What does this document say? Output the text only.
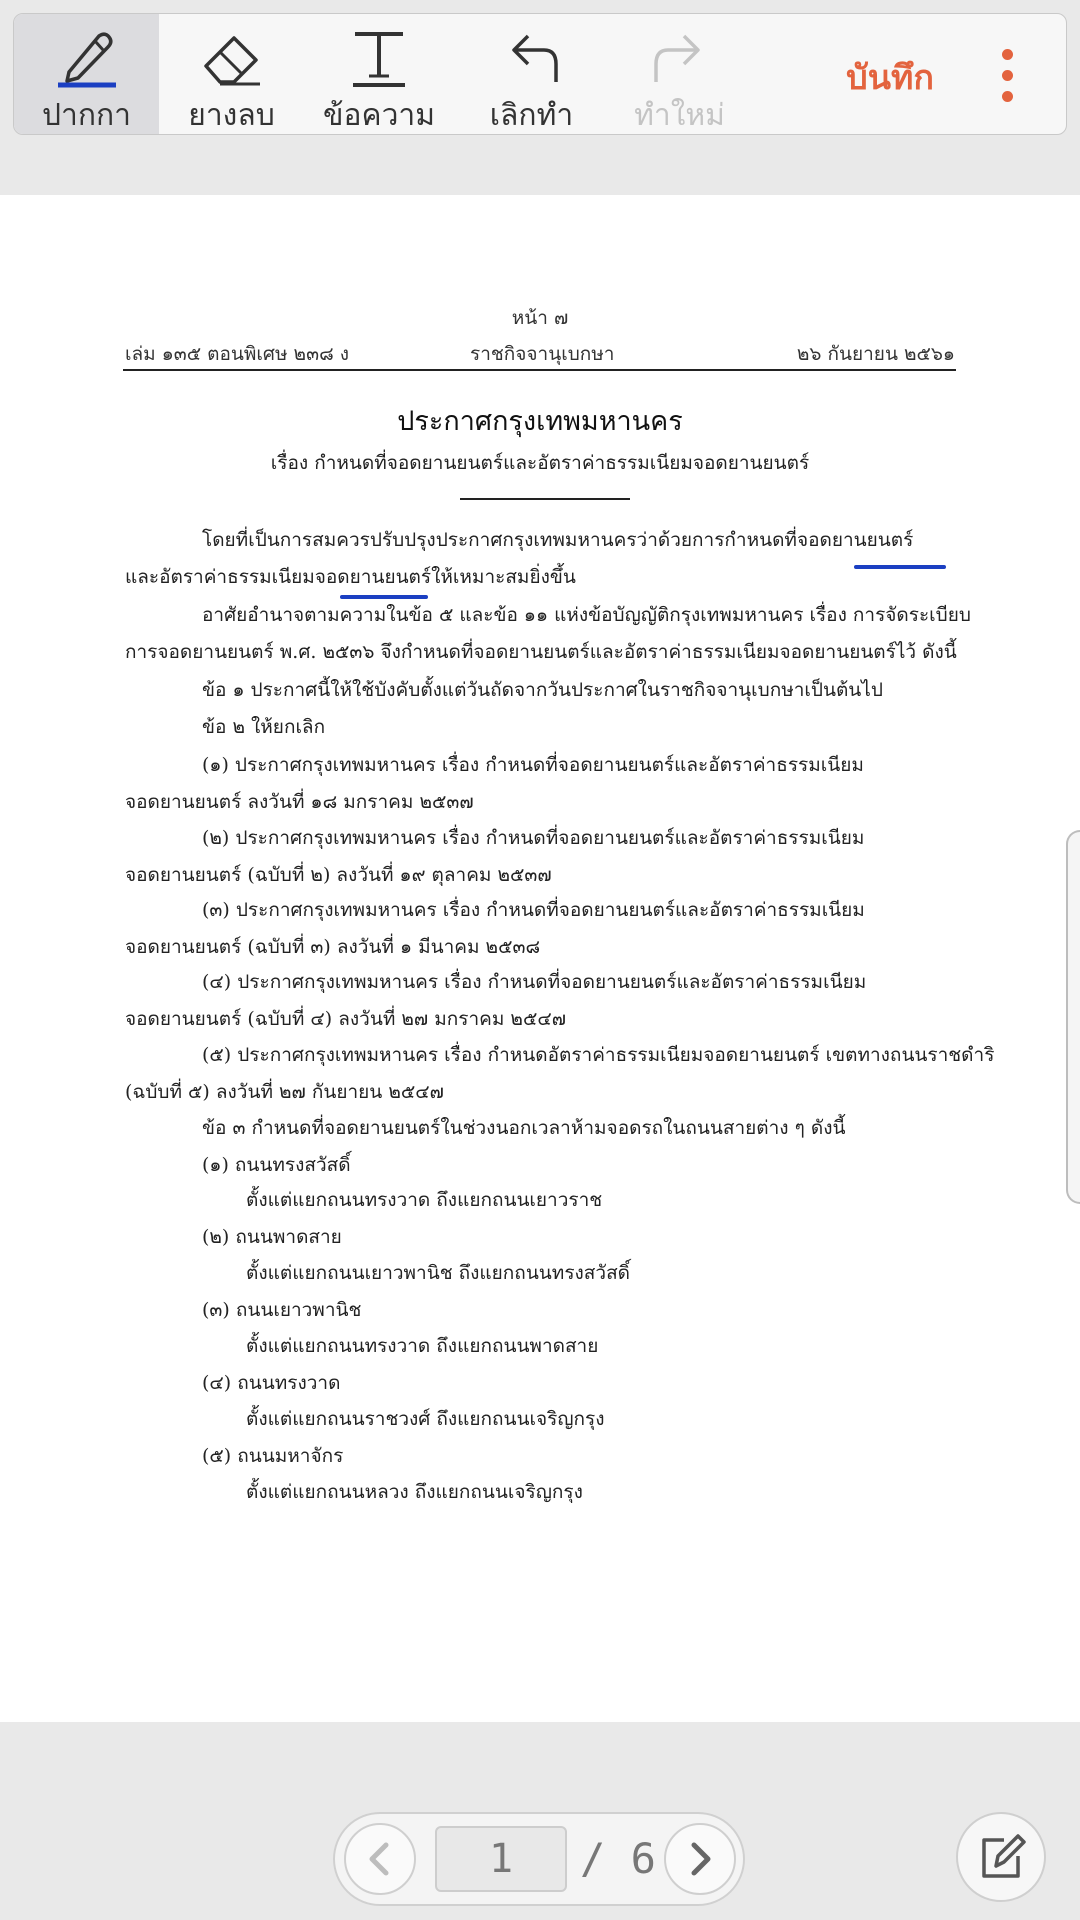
ปากกา	ยางลบ	ข้อความ	เลิกทำ	ทำใหม่
บันทึก
หน้า ๗
เล่ม ๑๓๕ ตอนพิเศษ ๒๓๘ ง	ราชกิจจานุเบกษา	๒๖ กันยายน ๒๕๖๑
ประกาศกรุงเทพมหานคร
เรื่อง กำหนดที่จอดยานยนตร์และอัตราค่าธรรมเนียมจอดยานยนตร์
โดยที่เป็นการสมควรปรับปรุงประกาศกรุงเทพมหานครว่าด้วยการกำหนดที่จอดยานยนตร์
และอัตราค่าธรรมเนียมจอดยานยนตร์ให้เหมาะสมยิ่งขึ้น
อาศัยอำนาจตามความในข้อ ๕ และข้อ ๑๑ แห่งข้อบัญญัติกรุงเทพมหานคร เรื่อง การจัดระเบียบ
การจอดยานยนตร์ พ.ศ. ๒๕๓๖ จึงกำหนดที่จอดยานยนตร์และอัตราค่าธรรมเนียมจอดยานยนตร์ไว้ ดังนี้
ข้อ ๑ ประกาศนี้ให้ใช้บังคับตั้งแต่วันถัดจากวันประกาศในราชกิจจานุเบกษาเป็นต้นไป
ข้อ ๒ ให้ยกเลิก
(๑) ประกาศกรุงเทพมหานคร เรื่อง กำหนดที่จอดยานยนตร์และอัตราค่าธรรมเนียม
จอดยานยนตร์ ลงวันที่ ๑๘ มกราคม ๒๕๓๗
(๒) ประกาศกรุงเทพมหานคร เรื่อง กำหนดที่จอดยานยนตร์และอัตราค่าธรรมเนียม
จอดยานยนตร์ (ฉบับที่ ๒) ลงวันที่ ๑๙ ตุลาคม ๒๕๓๗
(๓) ประกาศกรุงเทพมหานคร เรื่อง กำหนดที่จอดยานยนตร์และอัตราค่าธรรมเนียม
จอดยานยนตร์ (ฉบับที่ ๓) ลงวันที่ ๑ มีนาคม ๒๕๓๘
(๔) ประกาศกรุงเทพมหานคร เรื่อง กำหนดที่จอดยานยนตร์และอัตราค่าธรรมเนียม
จอดยานยนตร์ (ฉบับที่ ๔) ลงวันที่ ๒๗ มกราคม ๒๕๔๗
(๕) ประกาศกรุงเทพมหานคร เรื่อง กำหนดอัตราค่าธรรมเนียมจอดยานยนตร์ เขตทางถนนราชดำริ
(ฉบับที่ ๕) ลงวันที่ ๒๗ กันยายน ๒๕๔๗
ข้อ ๓ กำหนดที่จอดยานยนตร์ในช่วงนอกเวลาห้ามจอดรถในถนนสายต่าง ๆ ดังนี้
(๑) ถนนทรงสวัสดิ์
ตั้งแต่แยกถนนทรงวาด ถึงแยกถนนเยาวราช
(๒) ถนนพาดสาย
ตั้งแต่แยกถนนเยาวพานิช ถึงแยกถนนทรงสวัสดิ์
(๓) ถนนเยาวพานิช
ตั้งแต่แยกถนนทรงวาด ถึงแยกถนนพาดสาย
(๔) ถนนทรงวาด
ตั้งแต่แยกถนนราชวงศ์ ถึงแยกถนนเจริญกรุง
(๕) ถนนมหาจักร
ตั้งแต่แยกถนนหลวง ถึงแยกถนนเจริญกรุง
1	/ 6
